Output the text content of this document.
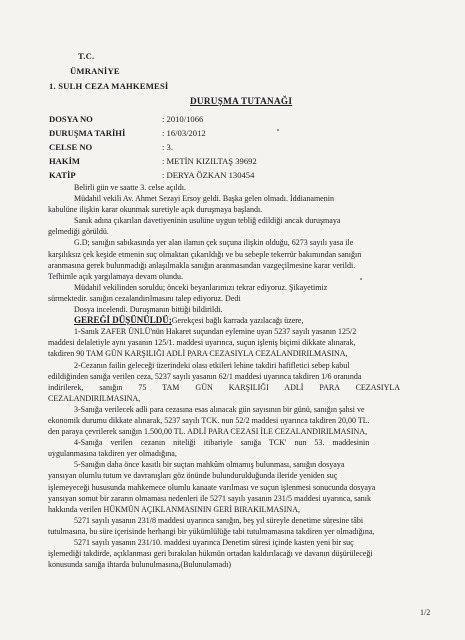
T.C.
ÜMRANİYE
1. SULH CEZA MAHKEMESİ
DURUŞMA TUTANAĞI
DOSYA NO	: 2010/1066
DURUŞMA TARİHİ	: 16/03/2012
CELSE NO	: 3.
HAKİM	: METİN KIZILTAŞ 39692
KATİP	: DERYA ÖZKAN 130454
Belirli gün ve saatte 3. celse açıldı.
Müdahil vekili Av. Ahmet Sezayi Ersoy geldi. Başka gelen olmadı. İddianamenin
kabulüne ilişkin karar okunmak suretiyle açık duruşmaya başlandı.
Sanık adına çıkarılan davetiyeninin usulüne uygun tebliğ edildiği ancak duruşmaya
gelmediği görüldü.
G.D; sanığın sabıkasında yer alan ilamın çek suçuna ilişkin olduğu, 6273 sayılı yasa ile
karşılıksız çek keşide etmenin suç olmaktan çıkarıldığı ve bu sebeple tekerrür bakımından sanığın
aranmasına gerek bulunmadığı anlaşılmakla sanığın aranmasından vazgeçilmesine karar verildi.
Tefhimle açık yargılamaya devam olundu.
Müdahil vekilinden soruldu; önceki beyanlarımızı tekrar ediyoruz. Şikayetimiz
sürmektedir. sanığın cezalandırılmasını talep ediyoruz. Dedi
Dosya incelendi. Duruşmanın bittiği bildirildi.
GEREĞİ DÜŞÜNÜLDÜ;Gerekçesi bağlı karrada yazılacağı üzere,
1-Sanık ZAFER ÜNLÜ'nün Hakaret suçundan eylemine uyan 5237 sayılı yasanın 125/2
maddesi delaletiyle aynı yasanın 125/1. maddesi uyarınca, suçun işleniş biçimi dikkate alınarak,
takdiren 90 TAM GÜN KARŞILIĞI ADLİ PARA CEZASIYLA CEZALANDIRILMASINA,
2-Cezanın failin geleceği üzerindeki olası etkileri lehine takdiri hafifletici sebep kabul
edildiğinden sanığa verilen ceza, 5237 sayılı yasanın 62/1 maddesi uyarınca takdiren 1/6 oranında
indirilerek, sanığın 75 TAM GÜN KARŞILIĞI ADLİ PARA CEZASIYLA
CEZALANDIRILMASINA,
3-Sanığa verilecek adli para cezasına esas alınacak gün sayısının bir günü, sanığın şahsi ve
ekonomik durumu dikkate alınarak, 5237 sayılı TCK. nun 52/2 maddesi uyarınca takdiren 20,00 TL.
den paraya çevrilerek sanığın 1.500,00 TL. ADLİ PARA CEZASI İLE CEZALANDIRILMASINA,
4-Sanığa verilen cezanın niteliği itibariyle sanığa TCK' nun 53. maddesinin
uygulanmasına takdiren yer olmadığına,
5-Sanığın daha önce kasıtlı bir suçtan mahkûm olmamış bulunması, sanığın dosyaya
yansıyan olumlu tutum ve davranışları göz önünde bulundurulduğunda ileride yeniden suç
işlemeyeceği hususunda mahkemece olumlu kanaate varılması ve suçun işlenmesi sonucunda dosyaya
yansıyan somut bir zararın olmaması nedenleri ile 5271 sayılı yasanın 231/5 maddesi uyarınca, sanık
hakkında verilen HÜKMÜN AÇIKLANMASININ GERİ BIRAKILMASINA,
5271 sayılı yasanın 231/8 maddesi uyarınca sanığın, beş yıl süreyle denetime süresine tâbi
tutulmasına, bu süre içerisinde herhangi bir yükümlülüğe tabi tutulmamasına takdiren yer olmadığına,
5271 sayılı yasanın 231/10. maddesi uyarınca Denetim süresi içinde kasten yeni bir suç
işlemediği takdirde, açıklanması geri bırakılan hükmün ortadan kaldırılacağı ve davanın düşürüleceği
konusunda sanığa ihtarda bulunulmasına,(Bulunulamadı)
1/2
